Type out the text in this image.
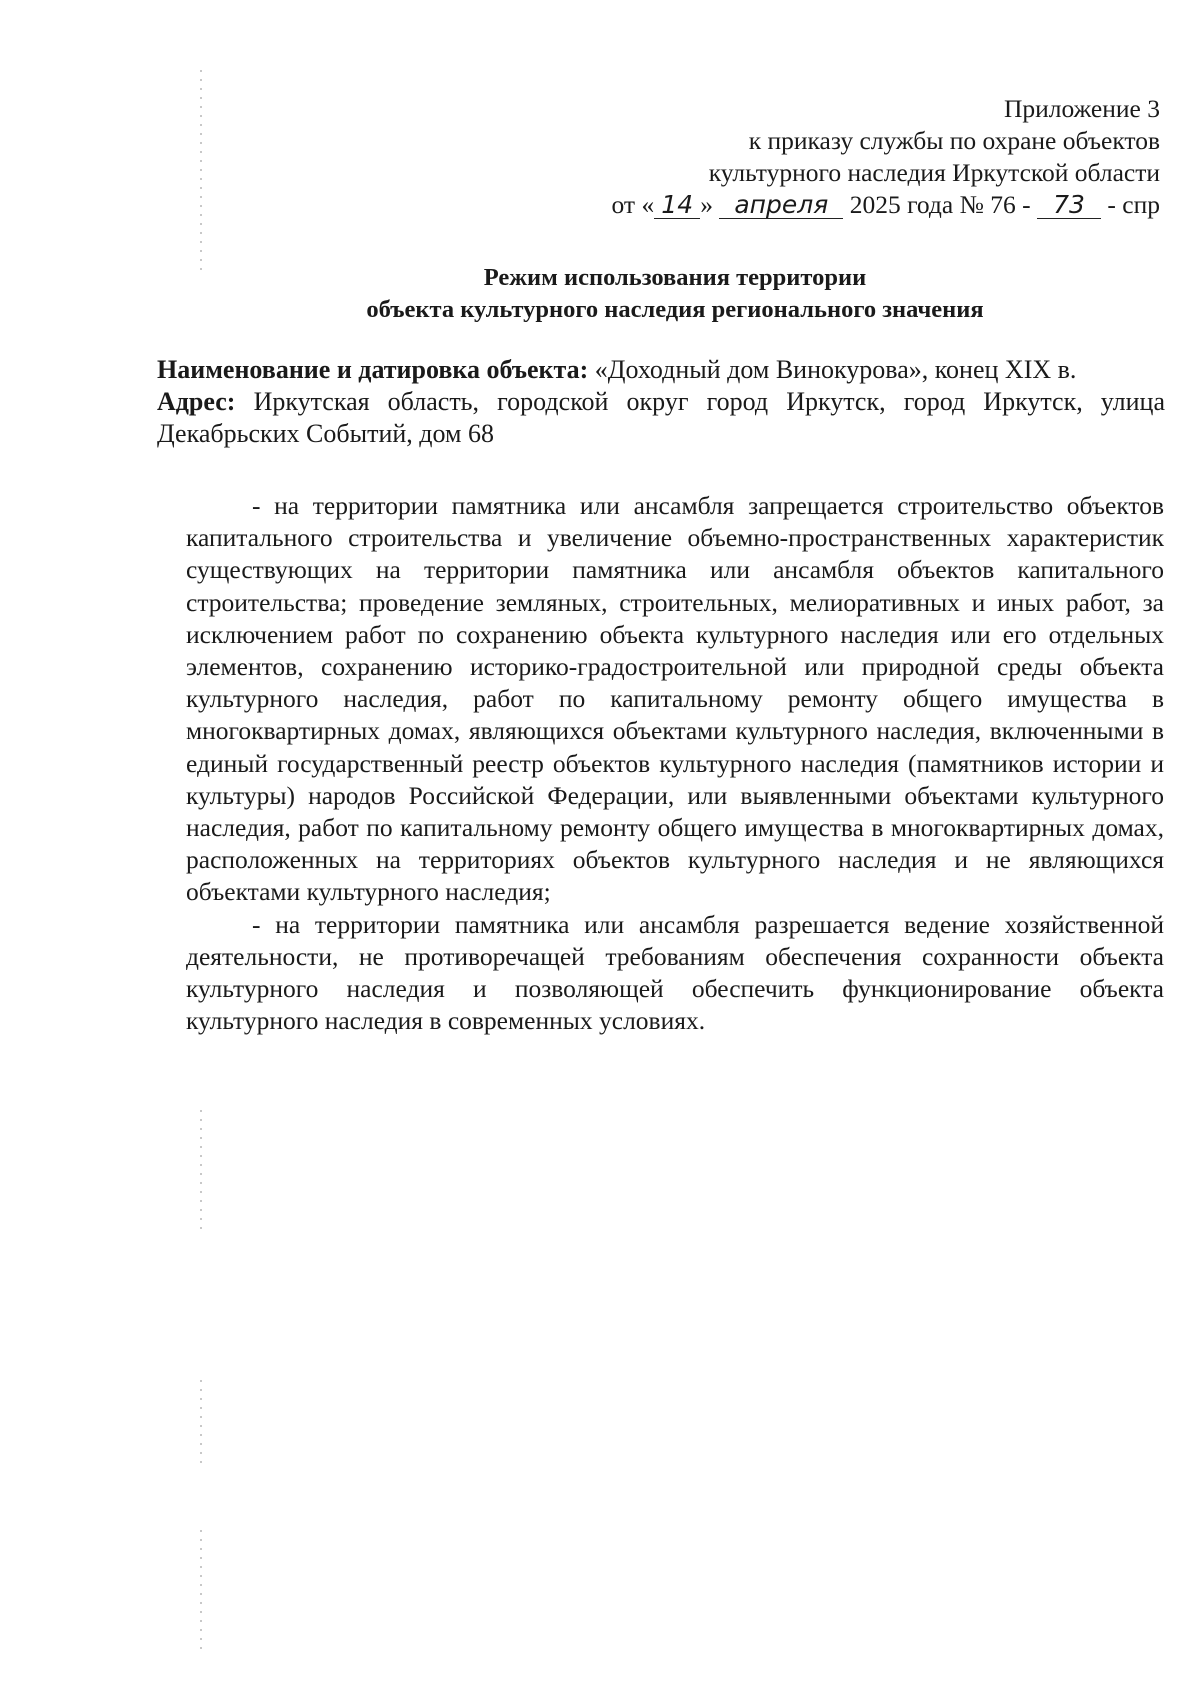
Приложение 3
к приказу службы по охране объектов
культурного наследия Иркутской области
от « 14 » апреля 2025 года № 76 - 73 - спр
Режим использования территории
объекта культурного наследия регионального значения
Наименование и датировка объекта: «Доходный дом Винокурова», конец XIX в.
Адрес: Иркутская область, городской округ город Иркутск, город Иркутск, улица Декабрьских Событий, дом 68

- на территории памятника или ансамбля запрещается строительство объектов капитального строительства и увеличение объемно-пространственных характеристик существующих на территории памятника или ансамбля объектов капитального строительства; проведение земляных, строительных, мелиоративных и иных работ, за исключением работ по сохранению объекта культурного наследия или его отдельных элементов, сохранению историко-градостроительной или природной среды объекта культурного наследия, работ по капитальному ремонту общего имущества в многоквартирных домах, являющихся объектами культурного наследия, включенными в единый государственный реестр объектов культурного наследия (памятников истории и культуры) народов Российской Федерации, или выявленными объектами культурного наследия, работ по капитальному ремонту общего имущества в многоквартирных домах, расположенных на территориях объектов культурного наследия и не являющихся объектами культурного наследия;

- на территории памятника или ансамбля разрешается ведение хозяйственной деятельности, не противоречащей требованиям обеспечения сохранности объекта культурного наследия и позволяющей обеспечить функционирование объекта культурного наследия в современных условиях.
